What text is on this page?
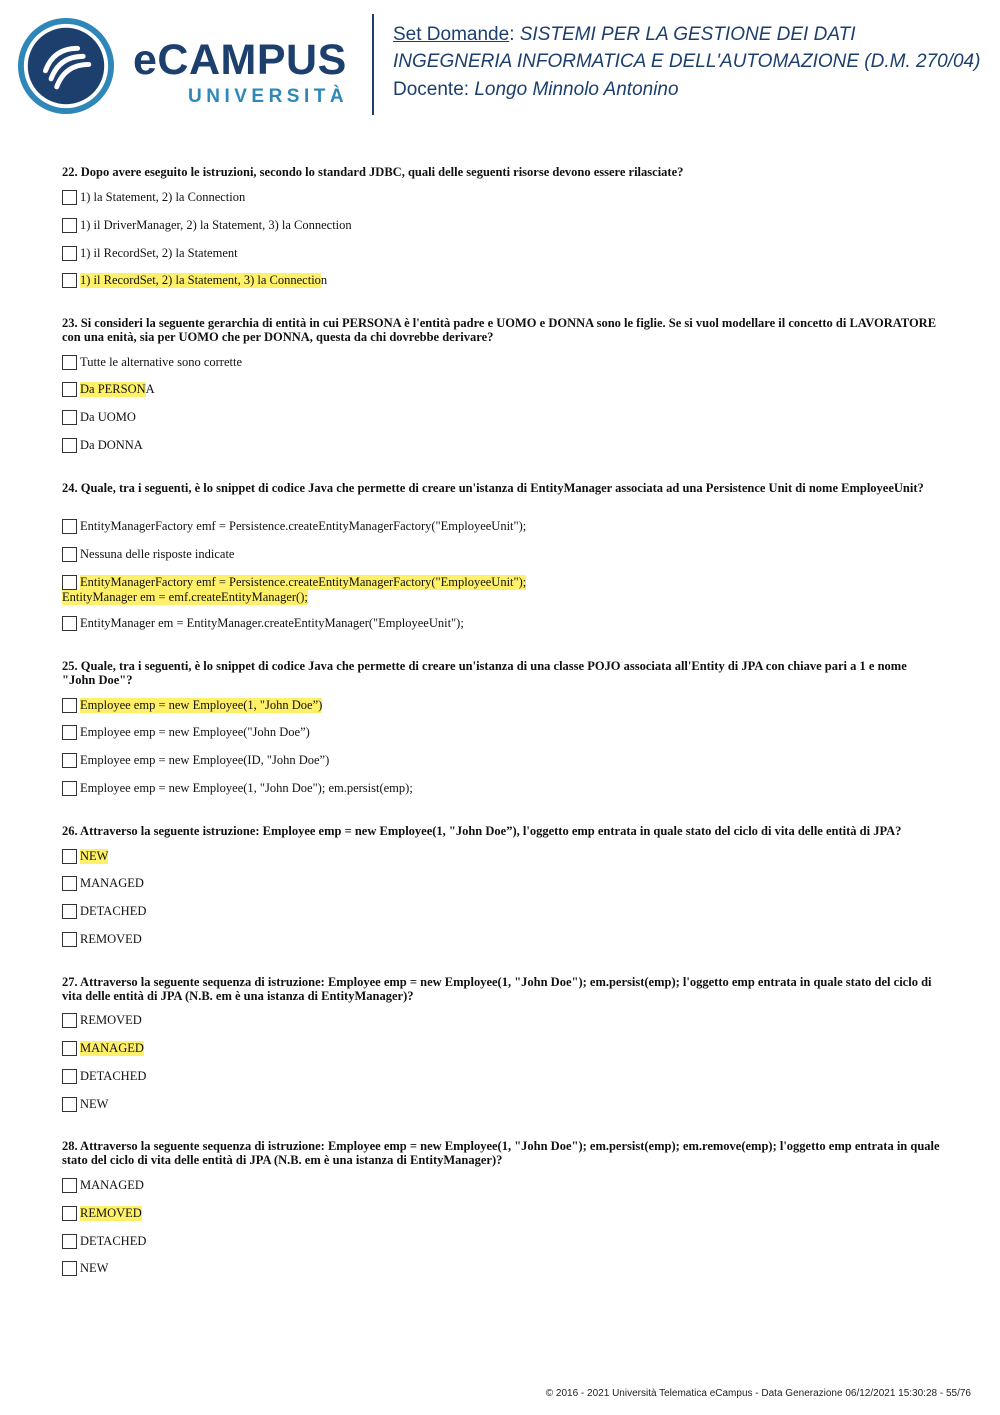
eCAMPUS
UNIVERSITÀ
Set Domande: SISTEMI PER LA GESTIONE DEI DATI
INGEGNERIA INFORMATICA E DELL'AUTOMAZIONE (D.M. 270/04)
Docente: Longo Minnolo Antonino
22. Dopo avere eseguito le istruzioni, secondo lo standard JDBC, quali delle seguenti risorse devono essere rilasciate?
1) la Statement, 2) la Connection
1) il DriverManager, 2) la Statement, 3) la Connection
1) il RecordSet, 2) la Statement
1) il RecordSet, 2) la Statement, 3) la Connectio n
23. Si consideri la seguente gerarchia di entità in cui PERSONA è l'entità padre e UOMO e DONNA sono le figlie. Se si vuol modellare il concetto di LAVORATORE con una enità, sia per UOMO che per DONNA, questa da chi dovrebbe derivare?
Tutte le alternative sono corrette
Da PERSON A
Da UOMO
Da DONNA
24. Quale, tra i seguenti, è lo snippet di codice Java che permette di creare un'istanza di EntityManager associata ad una Persistence Unit di nome EmployeeUnit?
EntityManagerFactory emf = Persistence.createEntityManagerFactory("EmployeeUnit");
Nessuna delle risposte indicate
EntityManagerFactory emf = Persistence.createEntityManagerFactory("EmployeeUnit");
EntityManager em = emf.createEntityManager();
EntityManager em = EntityManager.createEntityManager("EmployeeUnit");
25. Quale, tra i seguenti, è lo snippet di codice Java che permette di creare un'istanza di una classe POJO associata all'Entity di JPA con chiave pari a 1 e nome "John Doe"?
Employee emp = new Employee(1, "John Doe”)
Employee emp = new Employee("John Doe”)
Employee emp = new Employee(ID, "John Doe”)
Employee emp = new Employee(1, "John Doe"); em.persist(emp);
26. Attraverso la seguente istruzione: Employee emp = new Employee(1, "John Doe”), l'oggetto emp entrata in quale stato del ciclo di vita delle entità di JPA?
NEW
MANAGED
DETACHED
REMOVED
27. Attraverso la seguente sequenza di istruzione: Employee emp = new Employee(1, "John Doe"); em.persist(emp); l'oggetto emp entrata in quale stato del ciclo di vita delle entità di JPA (N.B. em è una istanza di EntityManager)?
REMOVED
MANAGED
DETACHED
NEW
28. Attraverso la seguente sequenza di istruzione: Employee emp = new Employee(1, "John Doe"); em.persist(emp); em.remove(emp); l'oggetto emp entrata in quale stato del ciclo di vita delle entità di JPA (N.B. em è una istanza di EntityManager)?
MANAGED
REMOVED
DETACHED
NEW
© 2016 - 2021 Università Telematica eCampus - Data Generazione 06/12/2021 15:30:28 - 55/76
